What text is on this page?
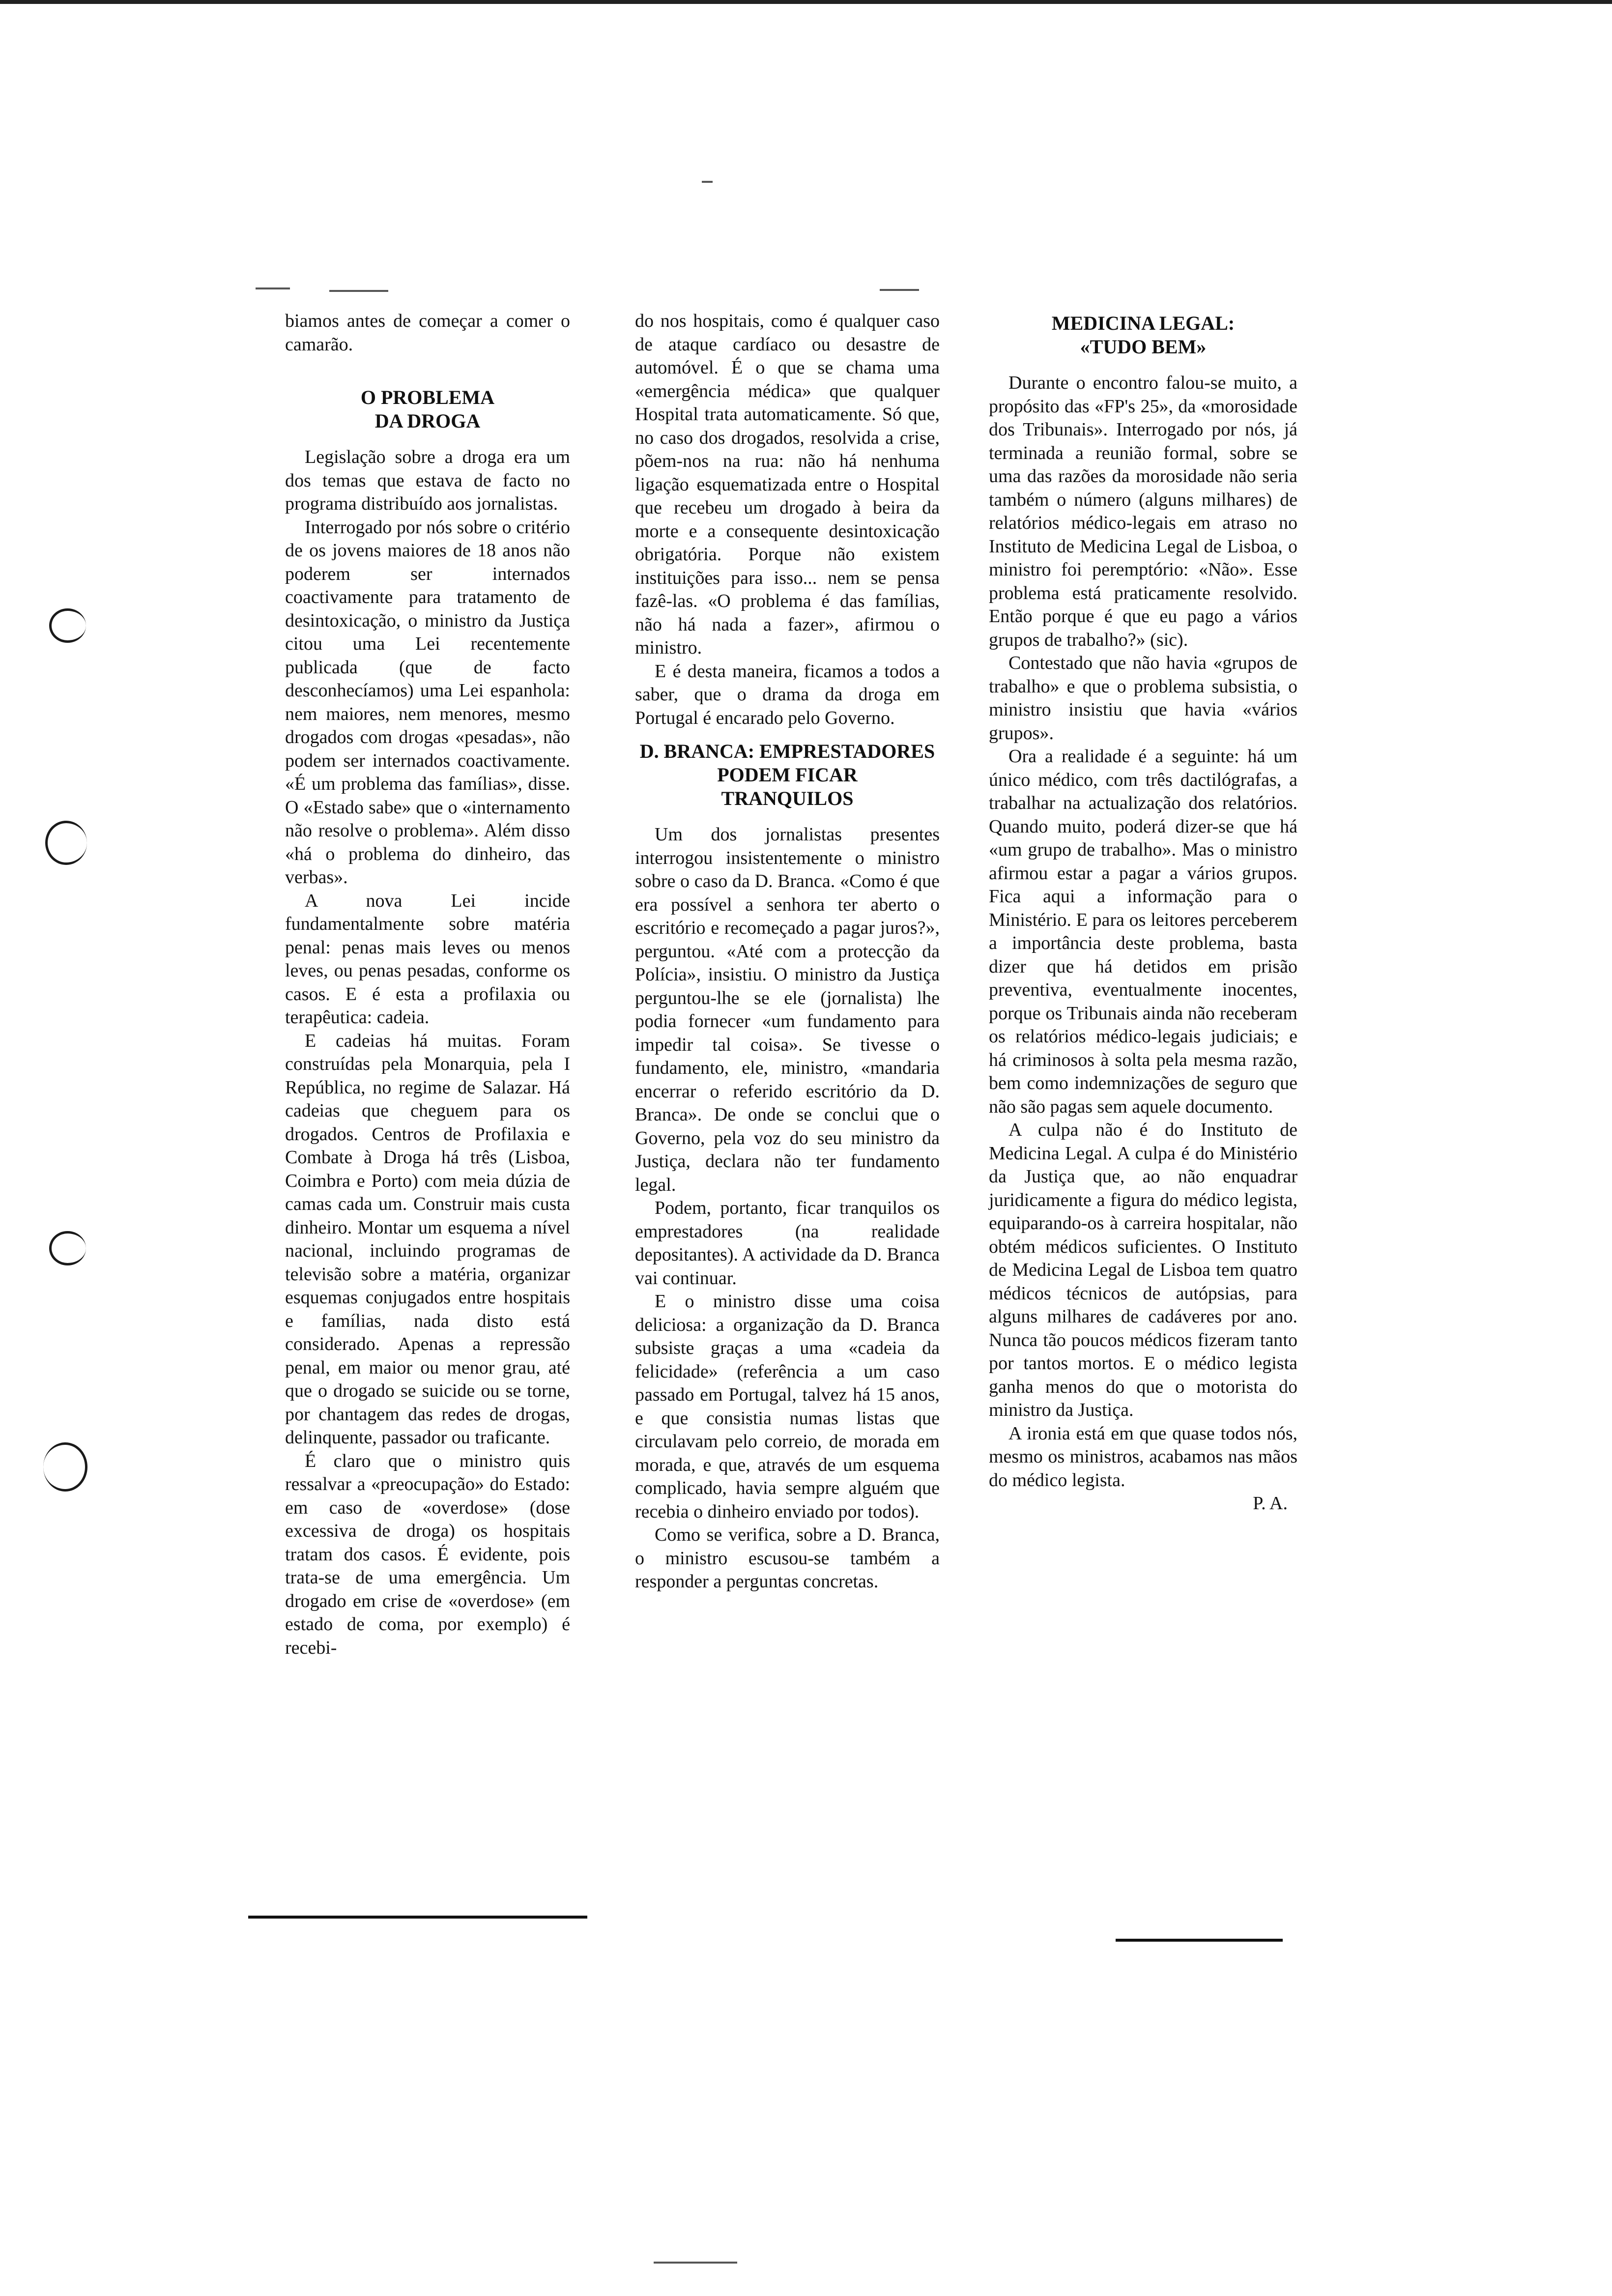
biamos antes de começar a comer o camarão.

O PROBLEMA
DA DROGA

Legislação sobre a droga era um dos temas que estava de facto no programa distribuído aos jornalistas.

Interrogado por nós sobre o critério de os jovens maiores de 18 anos não poderem ser internados coactivamente para tratamento de desintoxicação, o ministro da Justiça citou uma Lei recentemente publicada (que de facto desconhecíamos) uma Lei espanhola: nem maiores, nem menores, mesmo drogados com drogas «pesadas», não podem ser internados coactivamente. «É um problema das famílias», disse. O «Estado sabe» que o «internamento não resolve o problema». Além disso «há o problema do dinheiro, das verbas».

A nova Lei incide fundamentalmente sobre matéria penal: penas mais leves ou menos leves, ou penas pesadas, conforme os casos. E é esta a profilaxia ou terapêutica: cadeia.

E cadeias há muitas. Foram construídas pela Monarquia, pela I República, no regime de Salazar. Há cadeias que cheguem para os drogados. Centros de Profilaxia e Combate à Droga há três (Lisboa, Coimbra e Porto) com meia dúzia de camas cada um. Construir mais custa dinheiro. Montar um esquema a nível nacional, incluindo programas de televisão sobre a matéria, organizar esquemas conjugados entre hospitais e famílias, nada disto está considerado. Apenas a repressão penal, em maior ou menor grau, até que o drogado se suicide ou se torne, por chantagem das redes de drogas, delinquente, passador ou traficante.

É claro que o ministro quis ressalvar a «preocupação» do Estado: em caso de «overdose» (dose excessiva de droga) os hospitais tratam dos casos. É evidente, pois trata-se de uma emergência. Um drogado em crise de «overdose» (em estado de coma, por exemplo) é recebi-

do nos hospitais, como é qualquer caso de ataque cardíaco ou desastre de automóvel. É o que se chama uma «emergência médica» que qualquer Hospital trata automaticamente. Só que, no caso dos drogados, resolvida a crise, põem-nos na rua: não há nenhuma ligação esquematizada entre o Hospital que recebeu um drogado à beira da morte e a consequente desintoxicação obrigatória. Porque não existem instituições para isso... nem se pensa fazê-las. «O problema é das famílias, não há nada a fazer», afirmou o ministro.

E é desta maneira, ficamos a todos a saber, que o drama da droga em Portugal é encarado pelo Governo.

D. BRANCA: EMPRESTADORES
PODEM FICAR
TRANQUILOS

Um dos jornalistas presentes interrogou insistentemente o ministro sobre o caso da D. Branca. «Como é que era possível a senhora ter aberto o escritório e recomeçado a pagar juros?», perguntou. «Até com a protecção da Polícia», insistiu. O ministro da Justiça perguntou-lhe se ele (jornalista) lhe podia fornecer «um fundamento para impedir tal coisa». Se tivesse o fundamento, ele, ministro, «mandaria encerrar o referido escritório da D. Branca». De onde se conclui que o Governo, pela voz do seu ministro da Justiça, declara não ter fundamento legal.

Podem, portanto, ficar tranquilos os emprestadores (na realidade depositantes). A actividade da D. Branca vai continuar.

E o ministro disse uma coisa deliciosa: a organização da D. Branca subsiste graças a uma «cadeia da felicidade» (referência a um caso passado em Portugal, talvez há 15 anos, e que consistia numas listas que circulavam pelo correio, de morada em morada, e que, através de um esquema complicado, havia sempre alguém que recebia o dinheiro enviado por todos).

Como se verifica, sobre a D. Branca, o ministro escusou-se também a responder a perguntas concretas.

MEDICINA LEGAL:
«TUDO BEM»

Durante o encontro falou-se muito, a propósito das «FP's 25», da «morosidade dos Tribunais». Interrogado por nós, já terminada a reunião formal, sobre se uma das razões da morosidade não seria também o número (alguns milhares) de relatórios médico-legais em atraso no Instituto de Medicina Legal de Lisboa, o ministro foi peremptório: «Não». Esse problema está praticamente resolvido. Então porque é que eu pago a vários grupos de trabalho?» (sic).

Contestado que não havia «grupos de trabalho» e que o problema subsistia, o ministro insistiu que havia «vários grupos».

Ora a realidade é a seguinte: há um único médico, com três dactilógrafas, a trabalhar na actualização dos relatórios. Quando muito, poderá dizer-se que há «um grupo de trabalho». Mas o ministro afirmou estar a pagar a vários grupos. Fica aqui a informação para o Ministério. E para os leitores perceberem a importância deste problema, basta dizer que há detidos em prisão preventiva, eventualmente inocentes, porque os Tribunais ainda não receberam os relatórios médico-legais judiciais; e há criminosos à solta pela mesma razão, bem como indemnizações de seguro que não são pagas sem aquele documento.

A culpa não é do Instituto de Medicina Legal. A culpa é do Ministério da Justiça que, ao não enquadrar juridicamente a figura do médico legista, equiparando-os à carreira hospitalar, não obtém médicos suficientes. O Instituto de Medicina Legal de Lisboa tem quatro médicos técnicos de autópsias, para alguns milhares de cadáveres por ano. Nunca tão poucos médicos fizeram tanto por tantos mortos. E o médico legista ganha menos do que o motorista do ministro da Justiça.

A ironia está em que quase todos nós, mesmo os ministros, acabamos nas mãos do médico legista.

P. A.
